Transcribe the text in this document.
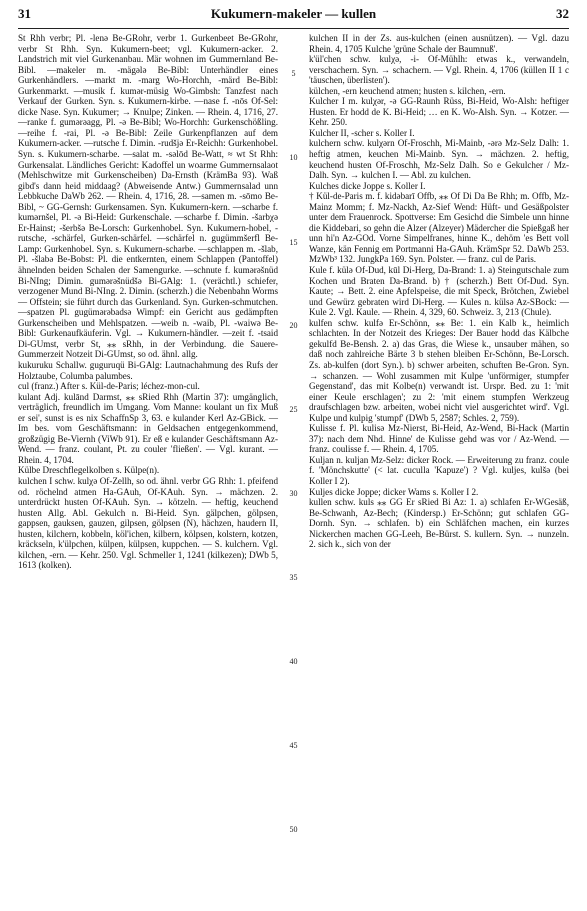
31	Kukumern-makeler — kullen	32

St Rhh verbr; Pl. -lenə Be-GRohr, verbr 1. Gurkenbeet Be-GRohr, verbr St Rhh. Syn. Kukumern-beet; vgl. Kukumern-acker. 2. Landstrich mit viel Gurkenanbau. Mär wohnen im Gummernland Be-Bibl. —makeler m. -mägələ Be-Bibl: Unterhändler eines Gurkenhändlers. —markt m. -marg Wo-Horchh, -märd Be-Bibl: Gurkenmarkt. —musik f. kumər-müsig Wo-Gimbsh: Tanzfest nach Verkauf der Gurken. Syn. s. Kukumern-kirbe. —nase f. -nōs Of-Sel: dicke Nase. Syn. Kukumer; → Knulpe; Zinken. — Rhein. 4, 1716, 27. —ranke f. gumərəagg, Pl. -ə Be-Bibl; Wo-Horchh: Gurkenschößling. —reihe f. -rai, Pl. -ə Be-Bibl: Zeile Gurkenpflanzen auf dem Kukumern-acker. —rutsche f. Dimin. -rudšjə Er-Reichh: Gurkenhobel. Syn. s. Kukumern-scharbe. —salat m. -səlōd Be-Watt, ≈ wt St Rhh: Gurkensalat. Ländliches Gericht: Kadoffel un woarme Gummernsalaot (Mehlschwitze mit Gurkenscheiben) Da-Ernsth (KrämBa 93). Waß gibd's dann heid middaag? (Abweisende Antw.) Gummernsalad unn Lebbkuche DaWb 262. — Rhein. 4, 1716, 28. —samen m. -sōmo Be-Bibl, ~ GG-Gernsh: Gurkensamen. Syn. Kukumern-kern. —scharbe f. kumərnšel, Pl. -ə Bi-Heid: Gurkenschale. —scharbe f. Dimin. -šarbχə Er-Hainst; -šerbšə Be-Lorsch: Gurkenhobel. Syn. Kukumern-hobel, -rutsche, -schärfel, Gurken-schärfel. —schärfel n. gugümmšerfl Be-Lamp: Gurkenhobel. Syn. s. Kukumern-scharbe. —schlappen m. -šlab, Pl. -šlabə Be-Bobst: Pl. die entkernten, einem Schlappen (Pantoffel) ähnelnden beiden Schalen der Samengurke. —schnute f. kumərəšnüd Bi-NIng; Dimin. gumərəšnüdšə Bi-GAlg: 1. (verächtl.) schiefer, verzogener Mund Bi-NIng. 2. Dimin. (scherzh.) die Nebenbahn Worms — Offstein; sie führt durch das Gurkenland. Syn. Gurken-schmutchen. —spatzen Pl. gugümərəbadsə Wimpf: ein Gericht aus gedämpften Gurkenscheiben und Mehlspatzen. —weib n. -waib, Pl. -waiwə Be-Bibl: Gurkenaufkäuferin. Vgl. → Kukumern-händler. —zeit f. -tsaid Di-GUmst, verbr St, ⁎⁎ sRhh, in der Verbindung. die Sauere-Gummerzeit Notzeit Di-GUmst, so od. ähnl. allg.

kukuruku Schallw. guguruqü Bi-GAlg: Lautnachahmung des Rufs der Holztaube, Columba palumbes.

cul (franz.) After s. Kül-de-Paris; léchez-mon-cul.

kulant Adj. kulānd Darmst, ⁎⁎ sRied Rhh (Martin 37): umgänglich, verträglich, freundlich im Umgang. Vom Manne: koulant un fix Muß er sei', sunst is es nix SchaffnSp 3, 63. e kulander Kerl Az-GBick. — Im bes. vom Geschäftsmann: in Geldsachen entgegenkommend, großzügig Be-Viernh (ViWb 91). Er eß e kulander Geschäftsmann Az-Wend. — franz. coulant, Pt. zu couler 'fließen'. — Vgl. kurant. — Rhein. 4, 1704.

Külbe Dreschflegelkolben s. Külpe(n).

kulchen I schw. kulχə Of-Zellh, so od. ähnl. verbr GG Rhh: 1. pfeifend od. röchelnd atmen Ha-GAuh, Of-KAuh. Syn. → mächzen. 2. unterdrückt husten Of-KAuh. Syn. → kötzeln. — heftig, keuchend husten Allg. Abl. Gekulch n. Bi-Heid. Syn. gälpchen, gölpsen, gappsen, gauksen, gauzen, gilpsen, gölpsen (N), hächzen, haudern II, husten, kilchern, kobbeln, köl'ichen, kilbern, kölpsen, kolstern, kotzen, kräckseln, k'ülpchen, külpen, külpsen, kuppchen. — S. kulchern. Vgl. kilchen, -ern. — Kehr. 250. Vgl. Schmeller 1, 1241 (kilkezen); DWb 5, 1613 (kolken).

5
10
15
20
25
30
35
40
45
50

kulchen II in der Zs. aus-kulchen (einen ausnützen). — Vgl. dazu Rhein. 4, 1705 Kulche 'grüne Schale der Baumnuß'.

k'ül'chen schw. kulχə, -i- Of-Mühlh: etwas k., verwandeln, verschachern. Syn. → schachern. — Vgl. Rhein. 4, 1706 (küllen II 1 c 'täuschen, überlisten').

külchen, -ern keuchend atmen; husten s. kilchen, -ern.

Kulcher I m. kulχər, -ə GG-Raunh Rüss, Bi-Heid, Wo-Alsh: heftiger Husten. Er hodd de K. Bi-Heid; … en K. Wo-Alsh. Syn. → Kotzer. — Kehr. 250.

Kulcher II, -scher s. Koller I.

kulchern schw. kulχərn Of-Froschh, Mi-Mainb, -ərə Mz-Selz Dalh: 1. heftig atmen, keuchen Mi-Mainb. Syn. → mächzen. 2. heftig, keuchend husten Of-Froschh, Mz-Selz Dalh. So e Gekulcher / Mz-Dalh. Syn. → kulchen I. — Abl. zu kulchen.

Kulches dicke Joppe s. Koller I.

† Kül-de-Paris m. f. kidəbarī Offb, ⁎⁎ Of Di Da Be Rhh; m. Offb, Mz-Mainz Momm; f. Mz-Nackh, Az-Sief Wend: Hüft- und Gesäßpolster unter dem Frauenrock. Spottverse: Em Gesichd die Simbele unn hinne die Kiddebari, so gehn die Alzer (Alzeyer) Mädercher die Spießgaß her unn hi'n Az-GOd. Vorne Simpelfranes, hinne K., dehöm 'es Bett voll Wanze, kän Fennig em Portmanni Ha-GAuh. KrämSpr 52. DaWb 253. MzWb³ 132. JungkPa 169. Syn. Polster. — franz. cul de Paris.

Kule f. külə Of-Dud, kūl Di-Herg, Da-Brand: 1. a) Steingutschale zum Kochen und Braten Da-Brand. b) † (scherzh.) Bett Of-Dud. Syn. Kaute; → Bett. 2. eine Apfelspeise, die mit Speck, Brötchen, Zwiebel und Gewürz gebraten wird Di-Herg. — Kules n. külsə Az-SBock: — Kule 2. Vgl. Kaule. — Rhein. 4, 329, 60. Schweiz. 3, 213 (Chule).

kulfen schw. kulfə Er-Schönn, ⁎⁎ Be: 1. ein Kalb k., heimlich schlachten. In der Notzeit des Krieges: Der Bauer hodd das Kälbche gekulfd Be-Bensh. 2. a) das Gras, die Wiese k., unsauber mähen, so daß noch zahlreiche Bärte 3 b stehen bleiben Er-Schönn, Be-Lorsch. Zs. ab-kulfen (dort Syn.). b) schwer arbeiten, schuften Be-Gron. Syn. → schanzen. — Wohl zusammen mit Kulpe 'unförmiger, stumpfer Gegenstand', das mit Kolbe(n) verwandt ist. Urspr. Bed. zu 1: 'mit einer Keule erschlagen'; zu 2: 'mit einem stumpfen Werkzeug draufschlagen bzw. arbeiten, wobei nicht viel ausgerichtet wird'. Vgl. Kulpe und kulpig 'stumpf' (DWb 5, 2587; Schles. 2, 759).

Kulisse f. Pl. kulisə Mz-Nierst, Bi-Heid, Az-Wend, Bi-Hack (Martin 37): nach dem Nhd. Hinne' de Kulisse gehd was vor / Az-Wend. — franz. coulisse f. — Rhein. 4, 1705.

Kuljan n. kuljan Mz-Selz: dicker Rock. — Erweiterung zu franz. coule f. 'Mönchskutte' (< lat. cuculla 'Kapuze') ? Vgl. kuljes, kulšə (bei Koller I 2).

Kuljes dicke Joppe; dicker Wams s. Koller I 2.

kullen schw. kuls ⁎⁎ GG Er sRied Bi Az: 1. a) schlafen Er-WGesäß, Be-Schwanh, Az-Bech; (Kindersp.) Er-Schönn; gut schlafen GG-Dornh. Syn. → schlafen. b) ein Schläfchen machen, ein kurzes Nickerchen machen GG-Leeh, Be-Bürst. S. kullern. Syn. → nunzeln. 2. sich k., sich von der
